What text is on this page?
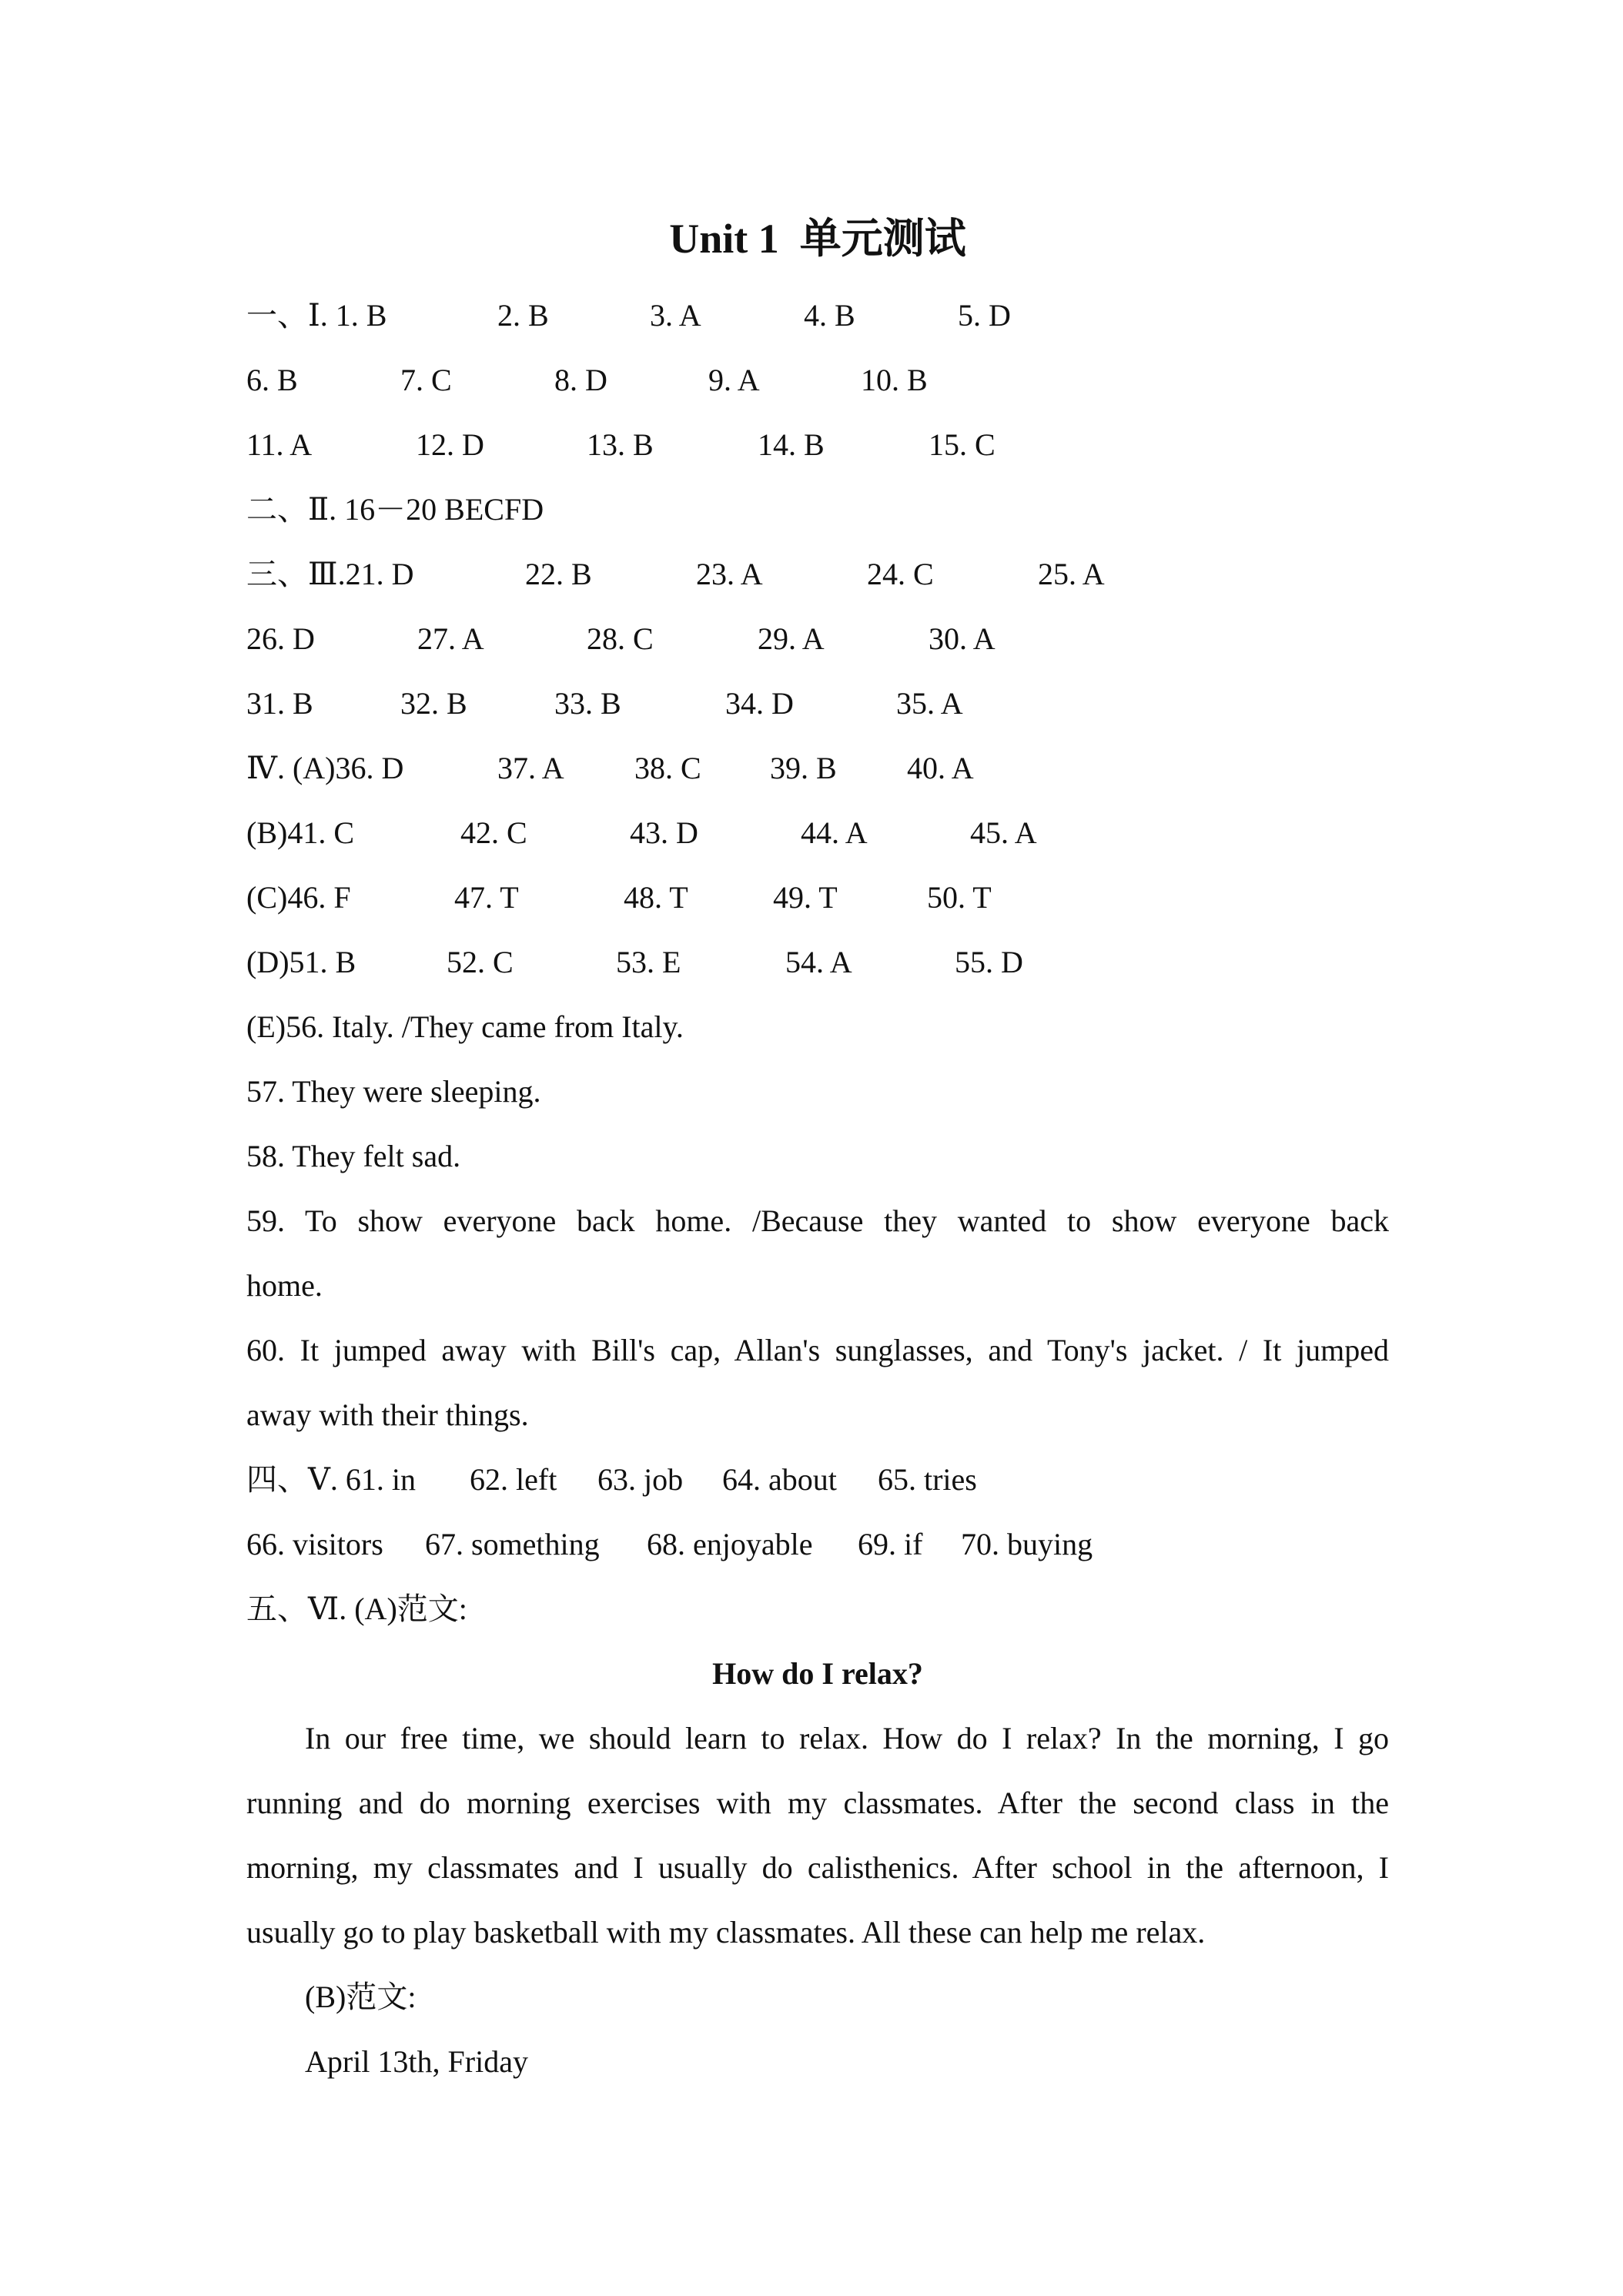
Unit 1  单元测试
一、Ⅰ. 1. B	2. B	3. A	4. B	5. D
6. B	7. C	8. D	9. A	10. B
11. A	12. D	13. B	14. B	15. C
二、Ⅱ. 16－20 BECFD
三、Ⅲ.21. D	22. B	23. A	24. C	25. A
26. D	27. A	28. C	29. A	30. A
31. B	32. B	33. B	34. D	35. A
Ⅳ. (A)36. D	37. A 38. C 39. B 40. A
(B)41. C	42. C	43. D	44. A	45. A
(C)46. F	47. T	48. T	49. T	50. T
(D)51. B	52. C	53. E	54. A	55. D
(E)56. Italy. /They came from Italy.
57. They were sleeping.
58. They felt sad.
59. To show everyone back home. /Because they wanted to show everyone back
home.
60. It jumped away with Bill's cap, Allan's sunglasses, and Tony's jacket. / It jumped
away with their things.
四、Ⅴ. 61. in 62. left 63. job 64. about 65. tries
66. visitors 67. something 68. enjoyable 69. if 70. buying
五、Ⅵ. (A)范文:
How do I relax?
In our free time, we should learn to relax. How do I relax? In the morning, I go
running and do morning exercises with my classmates. After the second class in the
morning, my classmates and I usually do calisthenics. After school in the afternoon, I
usually go to play basketball with my classmates. All these can help me relax.
(B)范文:
April 13th, Friday
